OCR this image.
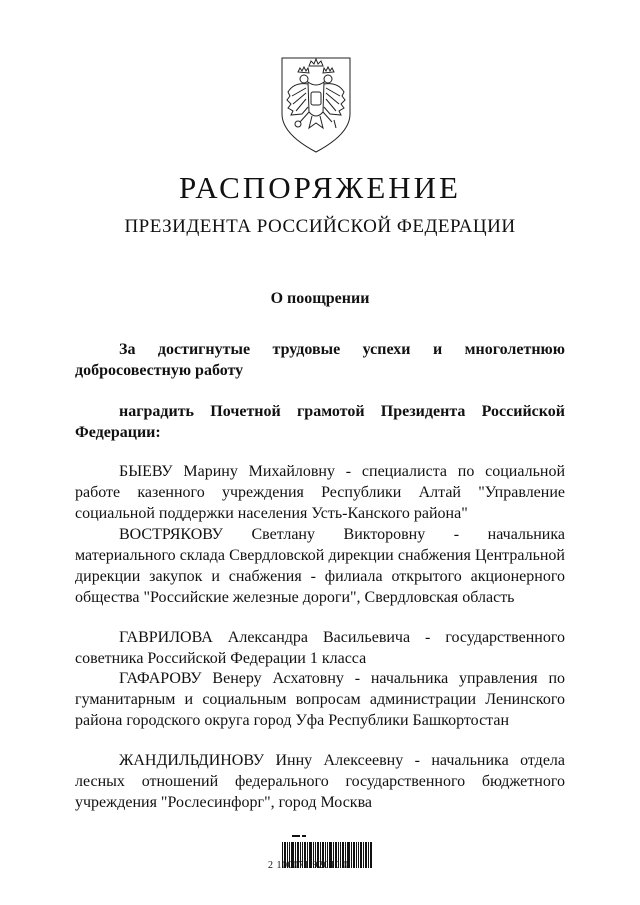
РАСПОРЯЖЕНИЕ
ПРЕЗИДЕНТА РОССИЙСКОЙ ФЕДЕРАЦИИ
О поощрении
За достигнутые трудовые успехи и многолетнюю добросовестную работу
наградить Почетной грамотой Президента Российской Федерации:
БЫЕВУ Марину Михайловну - специалиста по социальной работе казенного учреждения Республики Алтай "Управление социальной поддержки населения Усть-Канского района"
ВОСТРЯКОВУ Светлану Викторовну - начальника материального склада Свердловской дирекции снабжения Центральной дирекции закупок и снабжения - филиала открытого акционерного общества "Российские железные дороги", Свердловская область
ГАВРИЛОВА Александра Васильевича - государственного советника Российской Федерации 1 класса
ГАФАРОВУ Венеру Асхатовну - начальника управления по гуманитарным и социальным вопросам администрации Ленинского района городского округа город Уфа Республики Башкортостан
ЖАНДИЛЬДИНОВУ Инну Алексеевну - начальника отдела лесных отношений федерального государственного бюджетного учреждения "Рослесинфорг", город Москва
2 100071 92040 0
